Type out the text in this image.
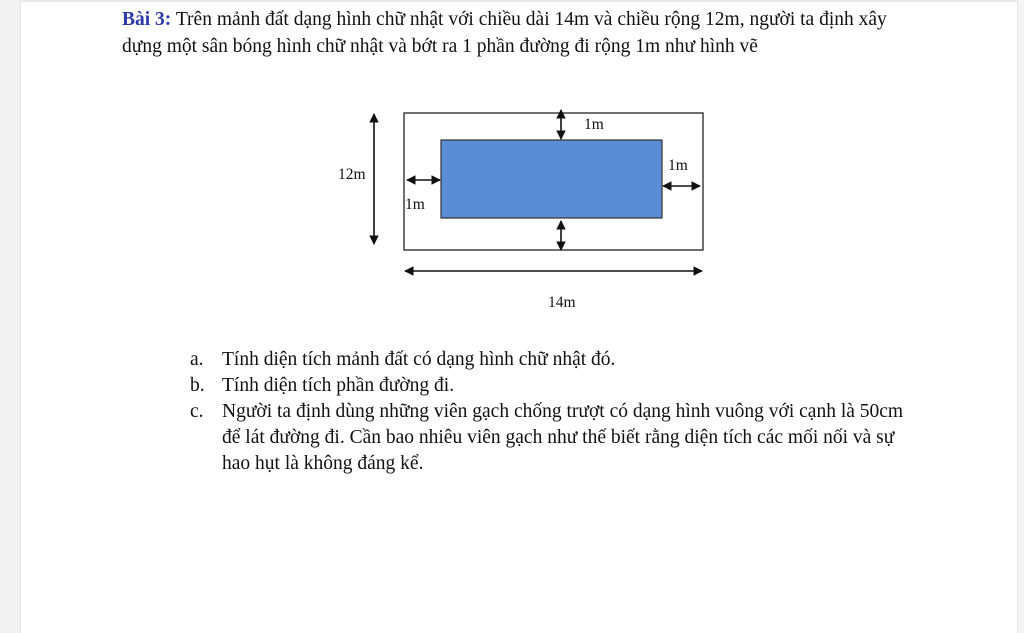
Bài 3: Trên mảnh đất dạng hình chữ nhật với chiều dài 14m và chiều rộng 12m, người ta định xây dựng một sân bóng hình chữ nhật và bớt ra 1 phần đường đi rộng 1m như hình vẽ

12m
14m
1m
1m
1m
a. Tính diện tích mảnh đất có dạng hình chữ nhật đó.
b. Tính diện tích phần đường đi.
c. Người ta định dùng những viên gạch chống trượt có dạng hình vuông với cạnh là 50cm để lát đường đi. Cần bao nhiêu viên gạch như thế biết rằng diện tích các mối nối và sự hao hụt là không đáng kể.
